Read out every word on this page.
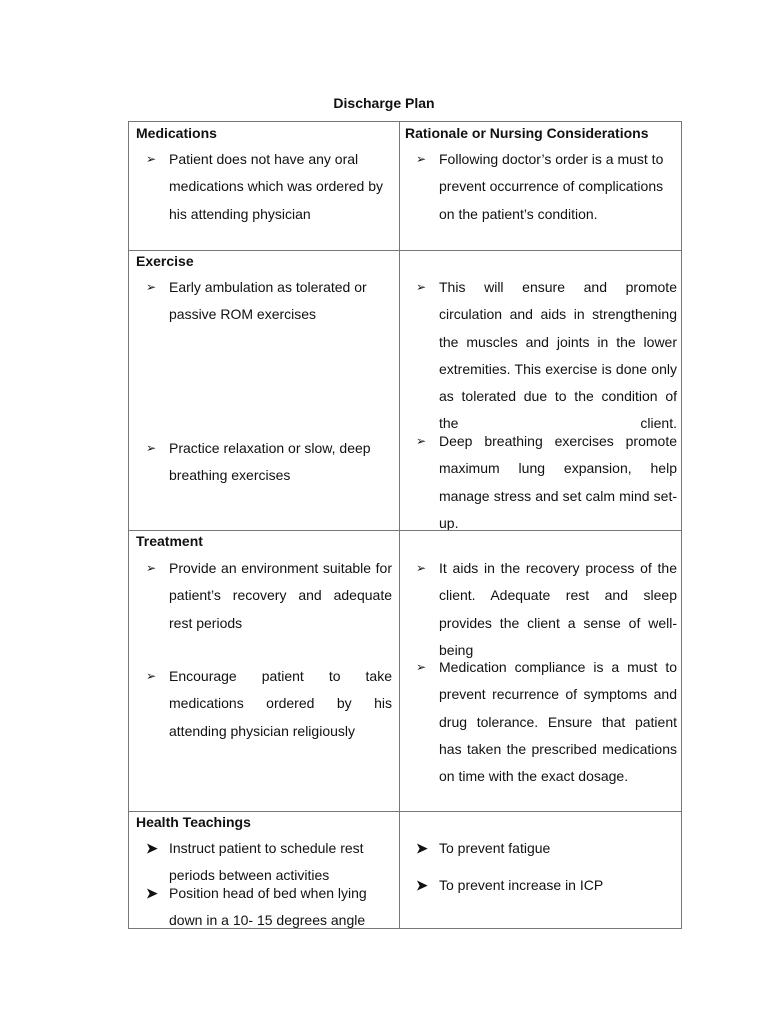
Discharge Plan
Medications	Rationale or Nursing Considerations
➢ Patient does not have any oral medications which was ordered by his attending physician
➢ Following doctor’s order is a must to prevent occurrence of complications on the patient’s condition.
Exercise
➢ Early ambulation as tolerated or passive ROM exercises
➢ Practice relaxation or slow, deep breathing exercises
➢ This will ensure and promote circulation and aids in strengthening the muscles and joints in the lower extremities. This exercise is done only as tolerated due to the condition of the client.
➢ Deep breathing exercises promote maximum lung expansion, help manage stress and set calm mind set- up.
Treatment
➢ Provide an environment suitable for patient’s recovery and adequate rest periods
➢ Encourage patient to take medications ordered by his attending physician religiously
➢ It aids in the recovery process of the client. Adequate rest and sleep provides the client a sense of well-being
➢ Medication compliance is a must to prevent recurrence of symptoms and drug tolerance. Ensure that patient has taken the prescribed medications on time with the exact dosage.
Health Teachings
➤ Instruct patient to schedule rest periods between activities
➤ Position head of bed when lying down in a 10- 15 degrees angle
➤ To prevent fatigue
➤ To prevent increase in ICP
